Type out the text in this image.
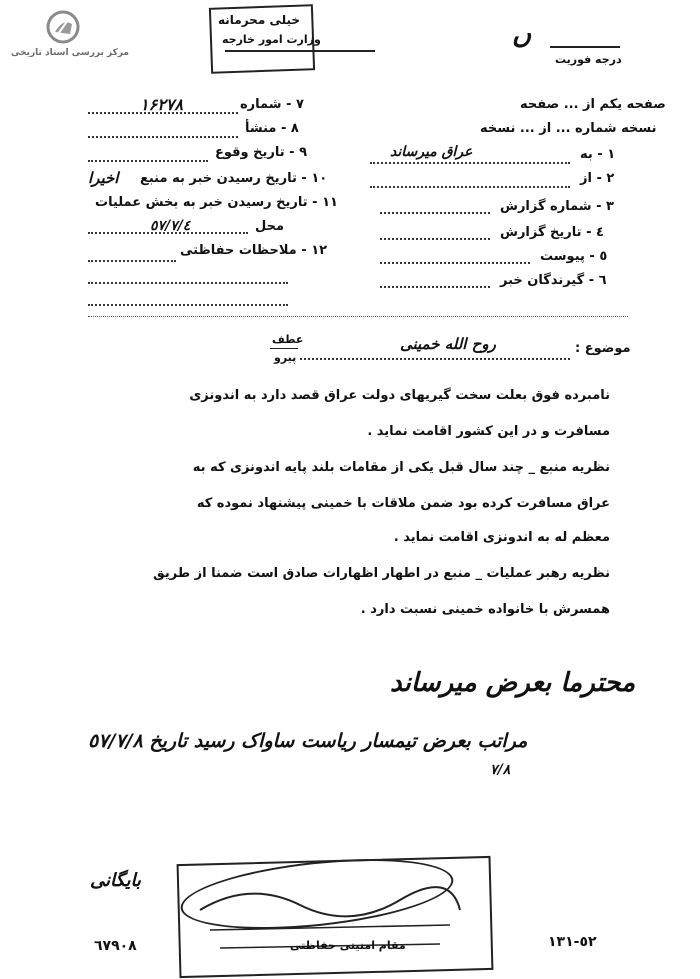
مرکز بررسی اسناد تاریخی
خیلی محرمانه
وزارت امور خارجه	ں
درجه فوریت
۱۶۲۷۸	٧ - شماره
٨ - منشأ
٩ - تاریخ وقوع
اخیرا ١٠ - تاریخ رسیدن خبر به منبع
١١ - تاریخ رسیدن خبر به بخش عملیات
محل
٥٧/٧/٤
١٢ - ملاحظات حفاظتی
صفحه یکم از ... صفحه
نسخه شماره ... از ... نسخه
١ - به
عراق میرساند
٢ - از
٣ - شماره گزارش
٤ - تاریخ گزارش
٥ - پیوست
٦ - گیرندگان خبر
موضوع :
روح الله خمینی
عطف
پیرو
نامبرده فوق بعلت سخت گیریهای دولت عراق قصد دارد به اندونزی
مسافرت و در این کشور اقامت نماید .
نظریه منبع _ چند سال قبل یکی از مقامات بلند پایه اندونزی که به
عراق مسافرت کرده بود ضمن ملاقات با خمینی پیشنهاد نموده که
معظم له به اندونزی اقامت نماید .
نظریه رهبر عملیات _ منبع در اطهار اظهارات صادق است ضمنا از طریق
همسرش با خانواده خمینی نسبت دارد .
محترما بعرض میرساند
مراتب بعرض تیمسار ریاست ساواک رسید تاریخ ٥٧/٧/٨
٧/٨
مقام امنیتی حفاظتی
بایگانی
٦٧٩٠٨	٥٢-١٣١
